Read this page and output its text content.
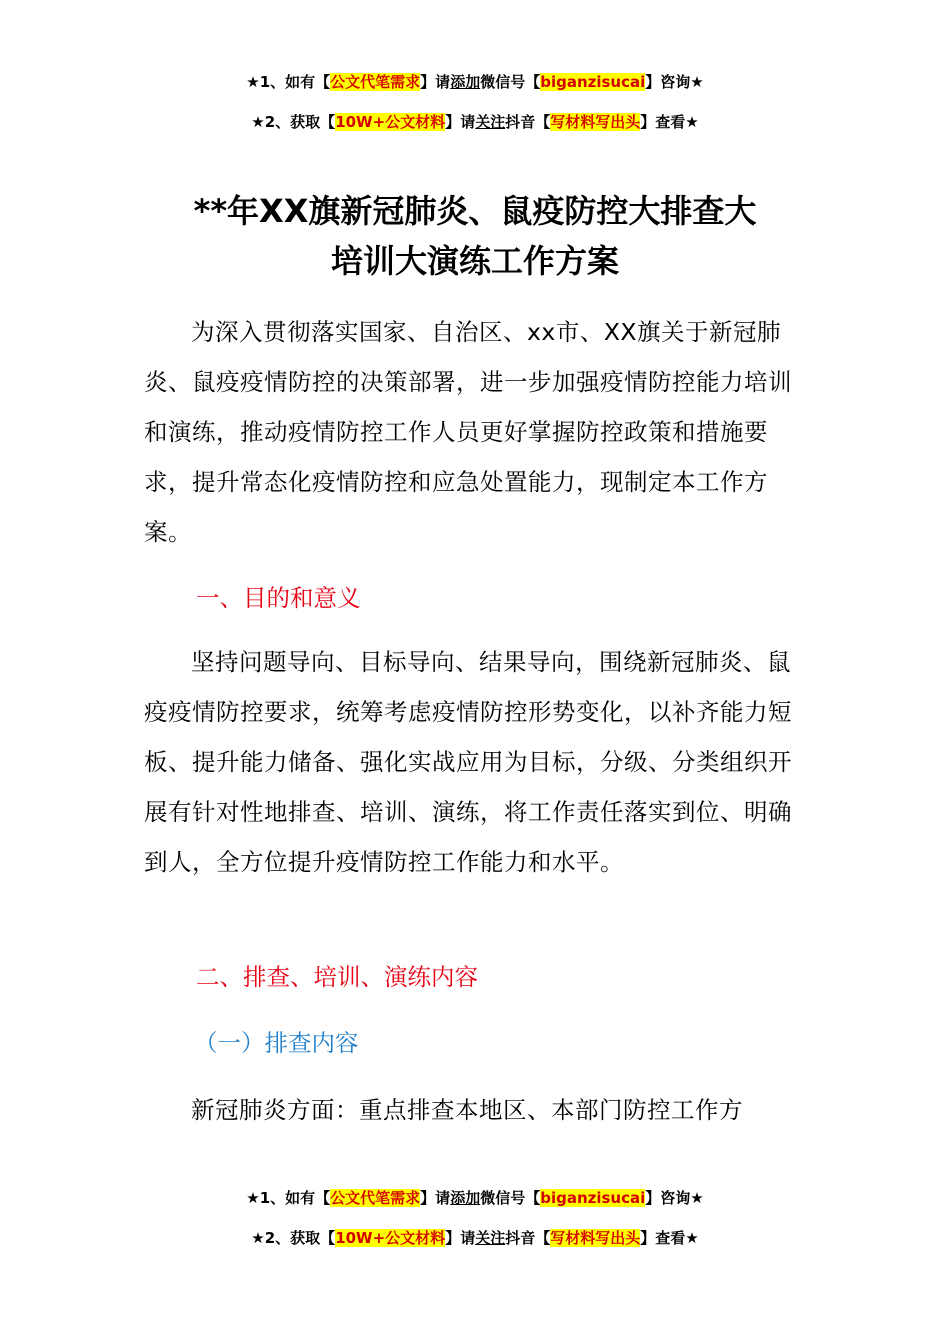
★1、如有【公文代笔需求】请添加微信号【biganzisucai】咨询★
★2、获取【10W+公文材料】请关注抖音【写材料写出头】查看★
**年XX旗新冠肺炎、鼠疫防控大排查大
培训大演练工作方案

为深入贯彻落实国家、自治区、xx市、XX旗关于新冠肺炎、鼠疫疫情防控的决策部署，进一步加强疫情防控能力培训和演练，推动疫情防控工作人员更好掌握防控政策和措施要求，提升常态化疫情防控和应急处置能力，现制定本工作方案。

一、目的和意义

坚持问题导向、目标导向、结果导向，围绕新冠肺炎、鼠疫疫情防控要求，统筹考虑疫情防控形势变化，以补齐能力短板、提升能力储备、强化实战应用为目标，分级、分类组织开展有针对性地排查、培训、演练，将工作责任落实到位、明确到人，全方位提升疫情防控工作能力和水平。

二、排查、培训、演练内容
（一）排查内容

新冠肺炎方面：重点排查本地区、本部门防控工作方

★1、如有【公文代笔需求】请添加微信号【biganzisucai】咨询★
★2、获取【10W+公文材料】请关注抖音【写材料写出头】查看★
